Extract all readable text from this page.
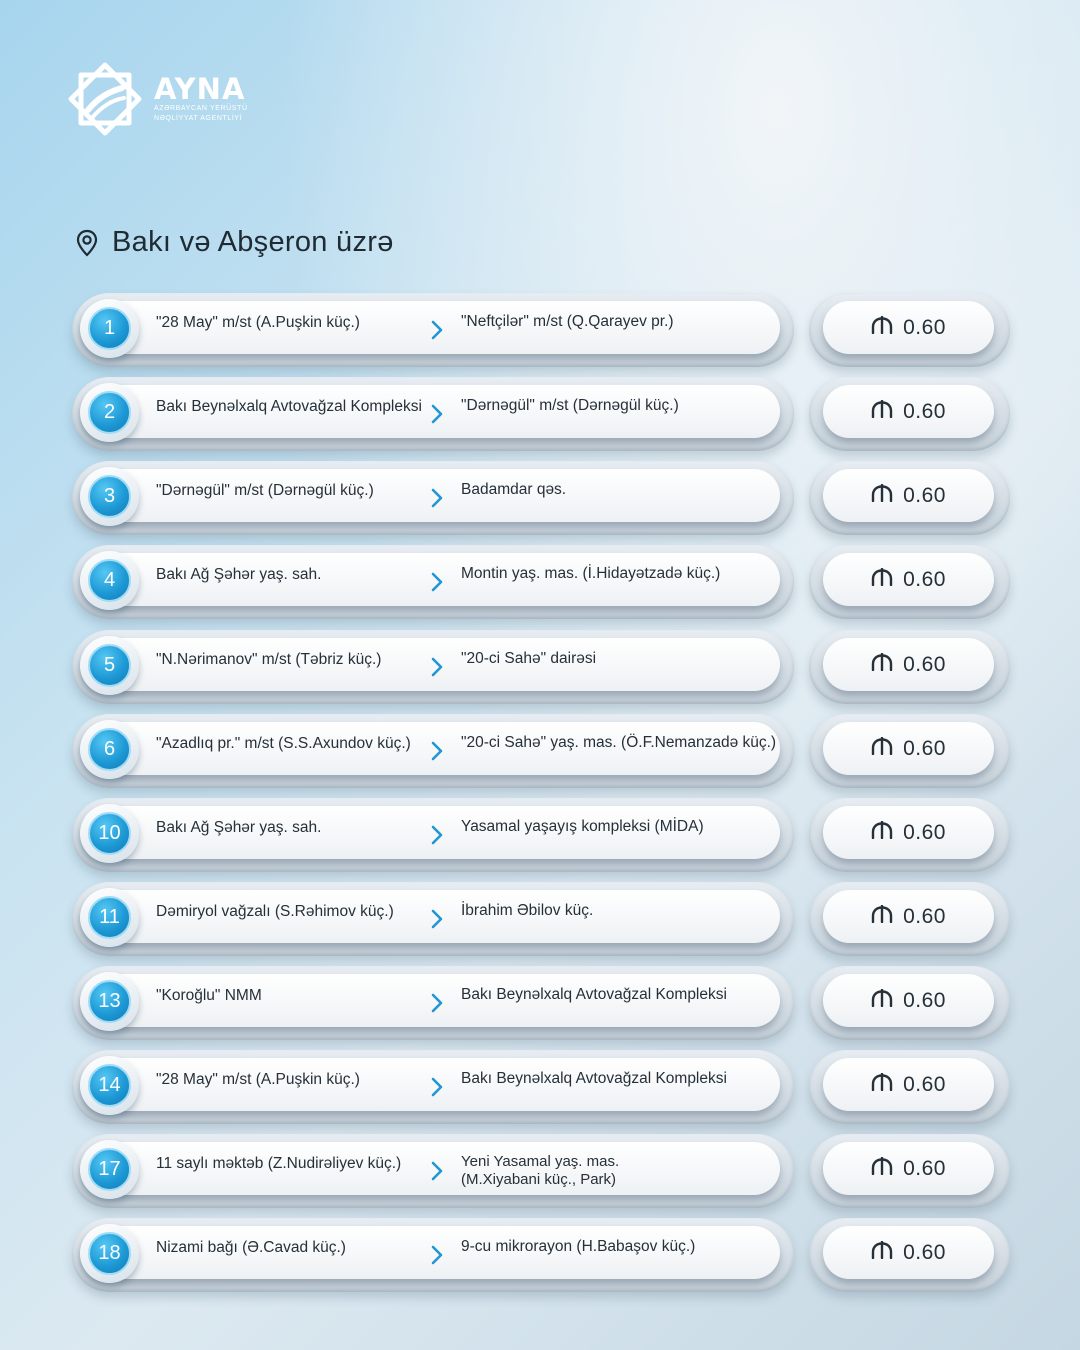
AYNA
AZƏRBAYCAN YERÜSTÜ
NƏQLİYYAT AGENTLİYİ
Bakı və Abşeron üzrə
1	"28 May" m/st (A.Puşkin küç.)	"Neftçilər" m/st (Q.Qarayev pr.)	0.60
2	Bakı Beynəlxalq Avtovağzal Kompleksi	"Dərnəgül" m/st (Dərnəgül küç.)	0.60
3	"Dərnəgül" m/st (Dərnəgül küç.)	Badamdar qəs.	0.60
4	Bakı Ağ Şəhər yaş. sah.	Montin yaş. mas. (İ.Hidayətzadə küç.)	0.60
5	"N.Nərimanov" m/st (Təbriz küç.)	"20-ci Sahə" dairəsi	0.60
6	"Azadlıq pr." m/st (S.S.Axundov küç.)	"20-ci Sahə" yaş. mas. (Ö.F.Nemanzadə küç.)	0.60
10	Bakı Ağ Şəhər yaş. sah.	Yasamal yaşayış kompleksi (MİDA)	0.60
11	Dəmiryol vağzalı (S.Rəhimov küç.)	İbrahim Əbilov küç.	0.60
13	"Koroğlu" NMM	Bakı Beynəlxalq Avtovağzal Kompleksi	0.60
14	"28 May" m/st (A.Puşkin küç.)	Bakı Beynəlxalq Avtovağzal Kompleksi	0.60
17	11 saylı məktəb (Z.Nudirəliyev küç.)	Yeni Yasamal yaş. mas.
(M.Xiyabani küç., Park)	0.60
18	Nizami bağı (Ə.Cavad küç.)	9-cu mikrorayon (H.Babaşov küç.)	0.60
